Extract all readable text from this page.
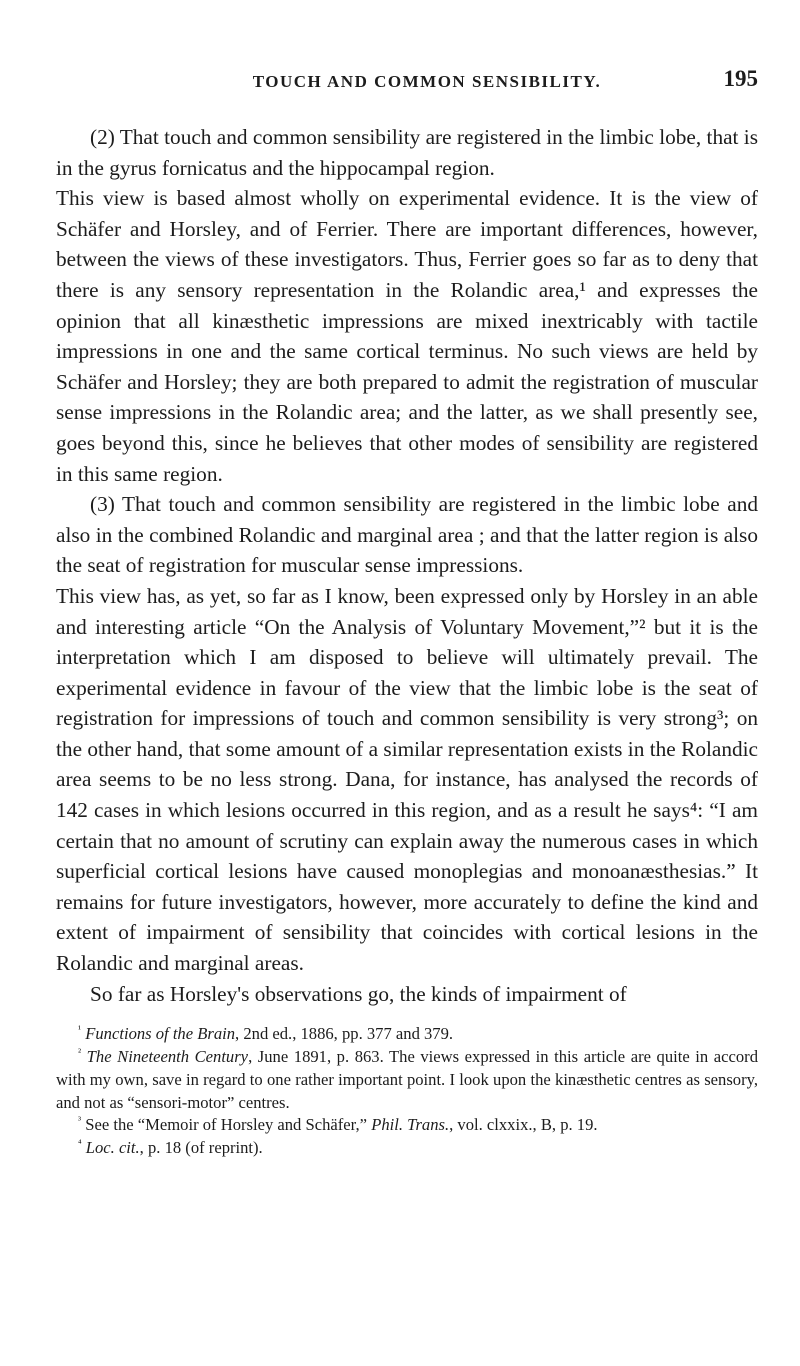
TOUCH AND COMMON SENSIBILITY.	195

(2) That touch and common sensibility are registered in the limbic lobe, that is in the gyrus fornicatus and the hippocampal region.

This view is based almost wholly on experimental evidence. It is the view of Schäfer and Horsley, and of Ferrier. There are important differences, however, between the views of these investigators. Thus, Ferrier goes so far as to deny that there is any sensory representation in the Rolandic area,¹ and expresses the opinion that all kinæsthetic impressions are mixed inextricably with tactile impressions in one and the same cortical terminus. No such views are held by Schäfer and Horsley; they are both prepared to admit the registration of muscular sense impressions in the Rolandic area; and the latter, as we shall presently see, goes beyond this, since he believes that other modes of sensibility are registered in this same region.

(3) That touch and common sensibility are registered in the limbic lobe and also in the combined Rolandic and marginal area ; and that the latter region is also the seat of registration for muscular sense impressions.

This view has, as yet, so far as I know, been expressed only by Horsley in an able and interesting article “On the Analysis of Voluntary Movement,”² but it is the interpretation which I am disposed to believe will ultimately prevail. The experimental evidence in favour of the view that the limbic lobe is the seat of registration for impressions of touch and common sensibility is very strong³; on the other hand, that some amount of a similar representation exists in the Rolandic area seems to be no less strong. Dana, for instance, has analysed the records of 142 cases in which lesions occurred in this region, and as a result he says⁴: “I am certain that no amount of scrutiny can explain away the numerous cases in which superficial cortical lesions have caused monoplegias and monoanæsthesias.” It remains for future investigators, however, more accurately to define the kind and extent of impairment of sensibility that coincides with cortical lesions in the Rolandic and marginal areas.

So far as Horsley's observations go, the kinds of impairment of

$^{^1}$ Functions of the Brain, 2nd ed., 1886, pp. 377 and 379.

$^{^2}$ The Nineteenth Century, June 1891, p. 863. The views expressed in this article are quite in accord with my own, save in regard to one rather important point. I look upon the kinæsthetic centres as sensory, and not as “sensori-motor” centres.

$^{^3}$ See the “Memoir of Horsley and Schäfer,” Phil. Trans., vol. clxxix., B, p. 19.

$^{^4}$ Loc. cit., p. 18 (of reprint).
